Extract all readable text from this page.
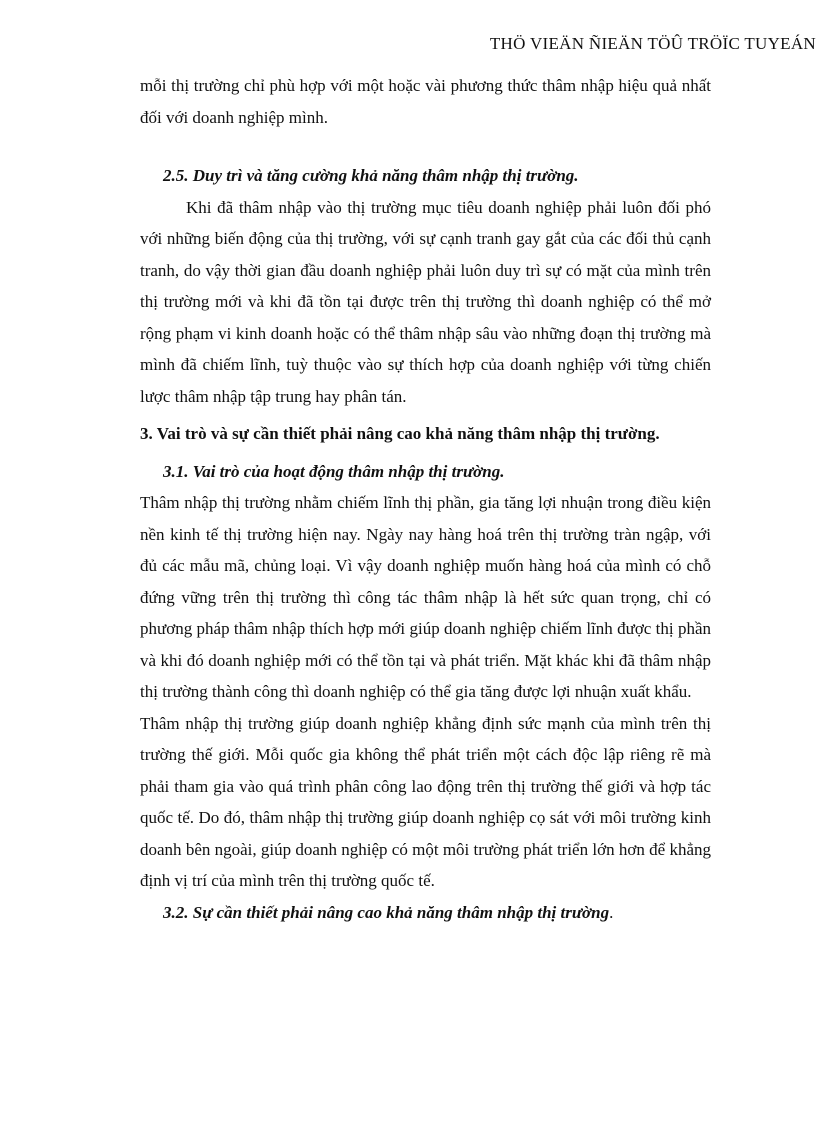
THÖ VIEÄN ÑIEÄN TÖÛ TRÖÏC TUYEÁN

mỗi thị trường chỉ phù hợp với một hoặc vài phương thức thâm nhập hiệu quả nhất đối với doanh nghiệp mình.

2.5. Duy trì và tăng cường khả năng thâm nhập thị trường.

Khi đã thâm nhập vào thị trường mục tiêu doanh nghiệp phải luôn đối phó với những biến động của thị trường, với sự cạnh tranh gay gắt của các đối thủ cạnh tranh, do vậy thời gian đầu doanh nghiệp phải luôn duy trì sự có mặt của mình trên thị trường mới và khi đã tồn tại được trên thị trường thì doanh nghiệp có thể mở rộng phạm vi kinh doanh hoặc có thể thâm nhập sâu vào những đoạn thị trường mà mình đã chiếm lĩnh, tuỳ thuộc vào sự thích hợp của doanh nghiệp với từng chiến lược thâm nhập tập trung hay phân tán.

3. Vai trò và sự cần thiết phải nâng cao khả năng thâm nhập thị trường.

3.1. Vai trò của hoạt động thâm nhập thị trường.

Thâm nhập thị trường nhằm chiếm lĩnh thị phần, gia tăng lợi nhuận trong điều kiện nền kinh tế thị trường hiện nay. Ngày nay hàng hoá trên thị trường tràn ngập, với đủ các mẫu mã, chủng loại. Vì vậy doanh nghiệp muốn hàng hoá của mình có chỗ đứng vững trên thị trường thì công tác thâm nhập là hết sức quan trọng, chỉ có phương pháp thâm nhập thích hợp mới giúp doanh nghiệp chiếm lĩnh được thị phần và khi đó doanh nghiệp mới có thể tồn tại và phát triển. Mặt khác khi đã thâm nhập thị trường thành công thì doanh nghiệp có thể gia tăng được lợi nhuận xuất khẩu.

Thâm nhập thị trường giúp doanh nghiệp khẳng định sức mạnh của mình trên thị trường thế giới. Mỗi quốc gia không thể phát triển một cách độc lập riêng rẽ mà phải tham gia vào quá trình phân công lao động trên thị trường thế giới và hợp tác quốc tế. Do đó, thâm nhập thị trường giúp doanh nghiệp cọ sát với môi trường kinh doanh bên ngoài, giúp doanh nghiệp có một môi trường phát triển lớn hơn để khẳng định vị trí của mình trên thị trường quốc tế.

3.2. Sự cần thiết phải nâng cao khả năng thâm nhập thị trường.
